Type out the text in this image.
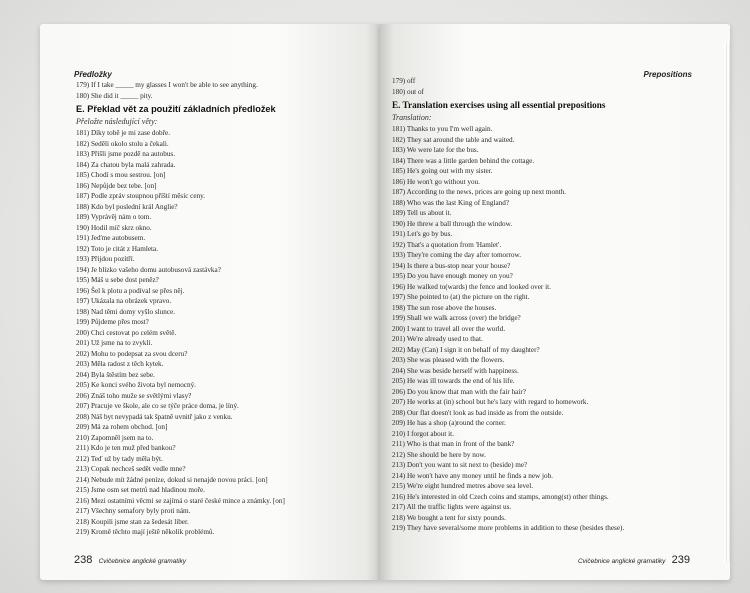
Předložky
179) If I take _____ my glasses I won't be able to see anything.
180) She did it _____ pity.
E. Překlad vět za použití základních předložek
Přeložte následující věty:
181) Díky tobě je mi zase dobře.
182) Seděli okolo stolu a čekali.
183) Přišli jsme pozdě na autobus.
184) Za chatou byla malá zahrada.
185) Chodí s mou sestrou. [on]
186) Nepůjde bez tebe. [on]
187) Podle zpráv stoupnou příští měsíc ceny.
188) Kdo byl poslední král Anglie?
189) Vyprávěj nám o tom.
190) Hodil míč skrz okno.
191) Jeďme autobusem.
192) Toto je citát z Hamleta.
193) Přijdou pozítří.
194) Je blízko vašeho domu autobusová zastávka?
195) Máš u sebe dost peněz?
196) Šel k plotu a podíval se přes něj.
197) Ukázala na obrázek vpravo.
198) Nad těmi domy vyšlo slunce.
199) Půjdeme přes most?
200) Chci cestovat po celém světě.
201) Už jsme na to zvyklí.
202) Mohu to podepsat za svou dceru?
203) Měla radost z těch kytek.
204) Byla štěstím bez sebe.
205) Ke konci svého života byl nemocný.
206) Znáš toho muže se světlými vlasy?
207) Pracuje ve škole, ale co se týče práce doma, je líný.
208) Náš byt nevypadá tak špatně uvnitř jako z venku.
209) Má za rohem obchod. [on]
210) Zapomněl jsem na to.
211) Kdo je ten muž před bankou?
212) Teď už by tady měla být.
213) Copak nechceš sedět vedle mne?
214) Nebude mít žádné peníze, dokud si nenajde novou práci. [on]
215) Jsme osm set metrů nad hladinou moře.
216) Mezi ostatními věcmi se zajímá o staré české mince a známky. [on]
217) Všechny semafory byly proti nám.
218) Koupili jsme stan za šedesát liber.
219) Kromě těchto mají ještě několik problémů.
238 Cvičebnice anglické gramatiky
Prepositions
179) off
180) out of
E. Translation exercises using all essential prepositions
Translation:
181) Thanks to you I'm well again.
182) They sat around the table and waited.
183) We were late for the bus.
184) There was a little garden behind the cottage.
185) He's going out with my sister.
186) He won't go without you.
187) According to the news, prices are going up next month.
188) Who was the last King of England?
189) Tell us about it.
190) He threw a ball through the window.
191) Let's go by bus.
192) That's a quotation from 'Hamlet'.
193) They're coming the day after tomorrow.
194) Is there a bus-stop near your house?
195) Do you have enough money on you?
196) He walked to(wards) the fence and looked over it.
197) She pointed to (at) the picture on the right.
198) The sun rose above the houses.
199) Shall we walk across (over) the bridge?
200) I want to travel all over the world.
201) We're already used to that.
202) May (Can) I sign it on behalf of my daughter?
203) She was pleased with the flowers.
204) She was beside herself with happiness.
205) He was ill towards the end of his life.
206) Do you know that man with the fair hair?
207) He works at (in) school but he's lazy with regard to homework.
208) Our flat doesn't look as bad inside as from the outside.
209) He has a shop (a)round the corner.
210) I forgot about it.
211) Who is that man in front of the bank?
212) She should be here by now.
213) Don't you want to sit next to (beside) me?
214) He won't have any money until he finds a new job.
215) We're eight hundred metres above sea level.
216) He's interested in old Czech coins and stamps, among(st) other things.
217) All the traffic lights were against us.
218) We bought a tent for sixty pounds.
219) They have several/some more problems in addition to these (besides these).
Cvičebnice anglické gramatiky 239
